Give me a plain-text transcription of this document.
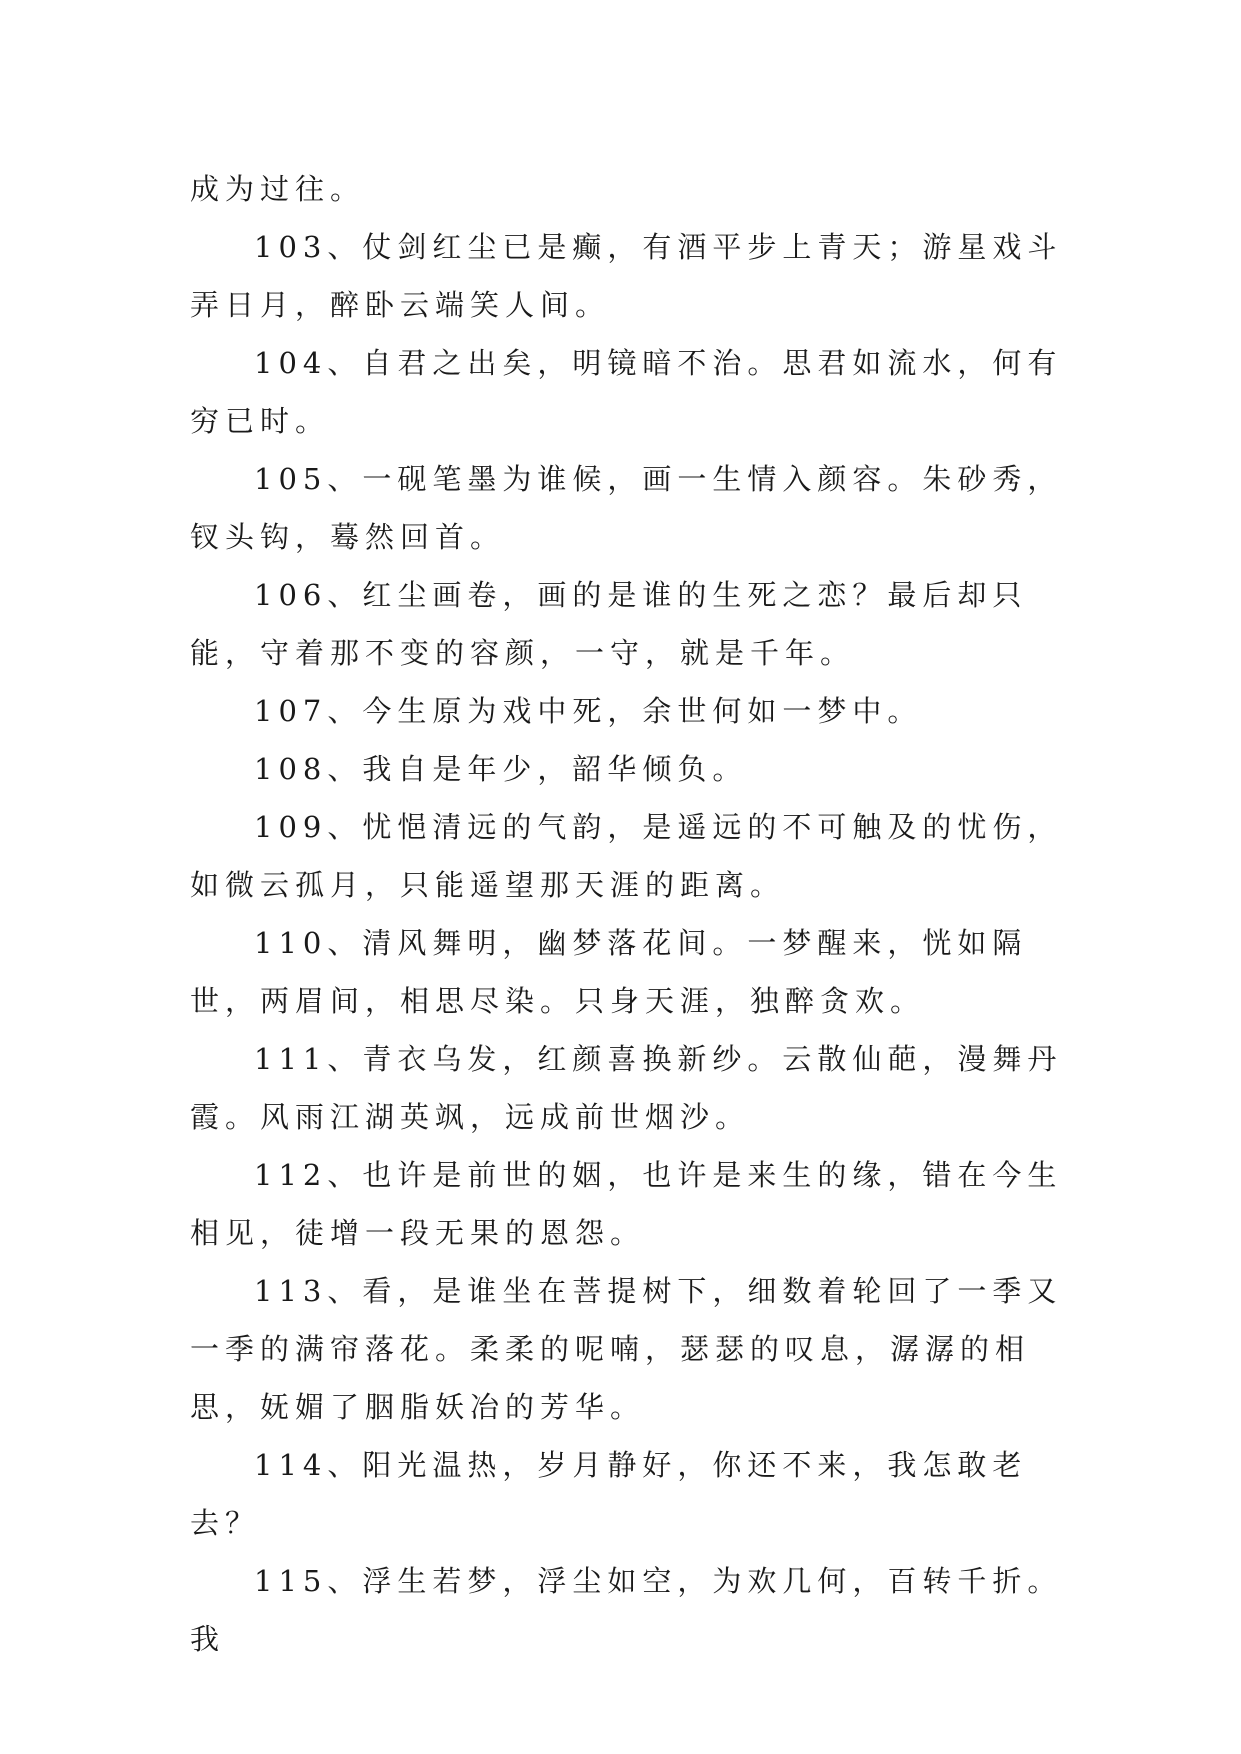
成为过往。

103、仗剑红尘已是癫，有酒平步上青天；游星戏斗弄日月，醉卧云端笑人间。

104、自君之出矣，明镜暗不治。思君如流水，何有穷已时。

105、一砚笔墨为谁候，画一生情入颜容。朱砂秀，钗头钩，蓦然回首。

106、红尘画卷，画的是谁的生死之恋？最后却只能，守着那不变的容颜，一守，就是千年。

107、今生原为戏中死，余世何如一梦中。

108、我自是年少，韶华倾负。

109、忧悒清远的气韵，是遥远的不可触及的忧伤，如微云孤月，只能遥望那天涯的距离。

110、清风舞明，幽梦落花间。一梦醒来，恍如隔世，两眉间，相思尽染。只身天涯，独醉贪欢。

111、青衣乌发，红颜喜换新纱。云散仙葩，漫舞丹霞。风雨江湖英飒，远成前世烟沙。

112、也许是前世的姻，也许是来生的缘，错在今生相见，徒增一段无果的恩怨。

113、看，是谁坐在菩提树下，细数着轮回了一季又一季的满帘落花。柔柔的呢喃，瑟瑟的叹息，潺潺的相思，妩媚了胭脂妖冶的芳华。

114、阳光温热，岁月静好，你还不来，我怎敢老去？

115、浮生若梦，浮尘如空，为欢几何，百转千折。我
